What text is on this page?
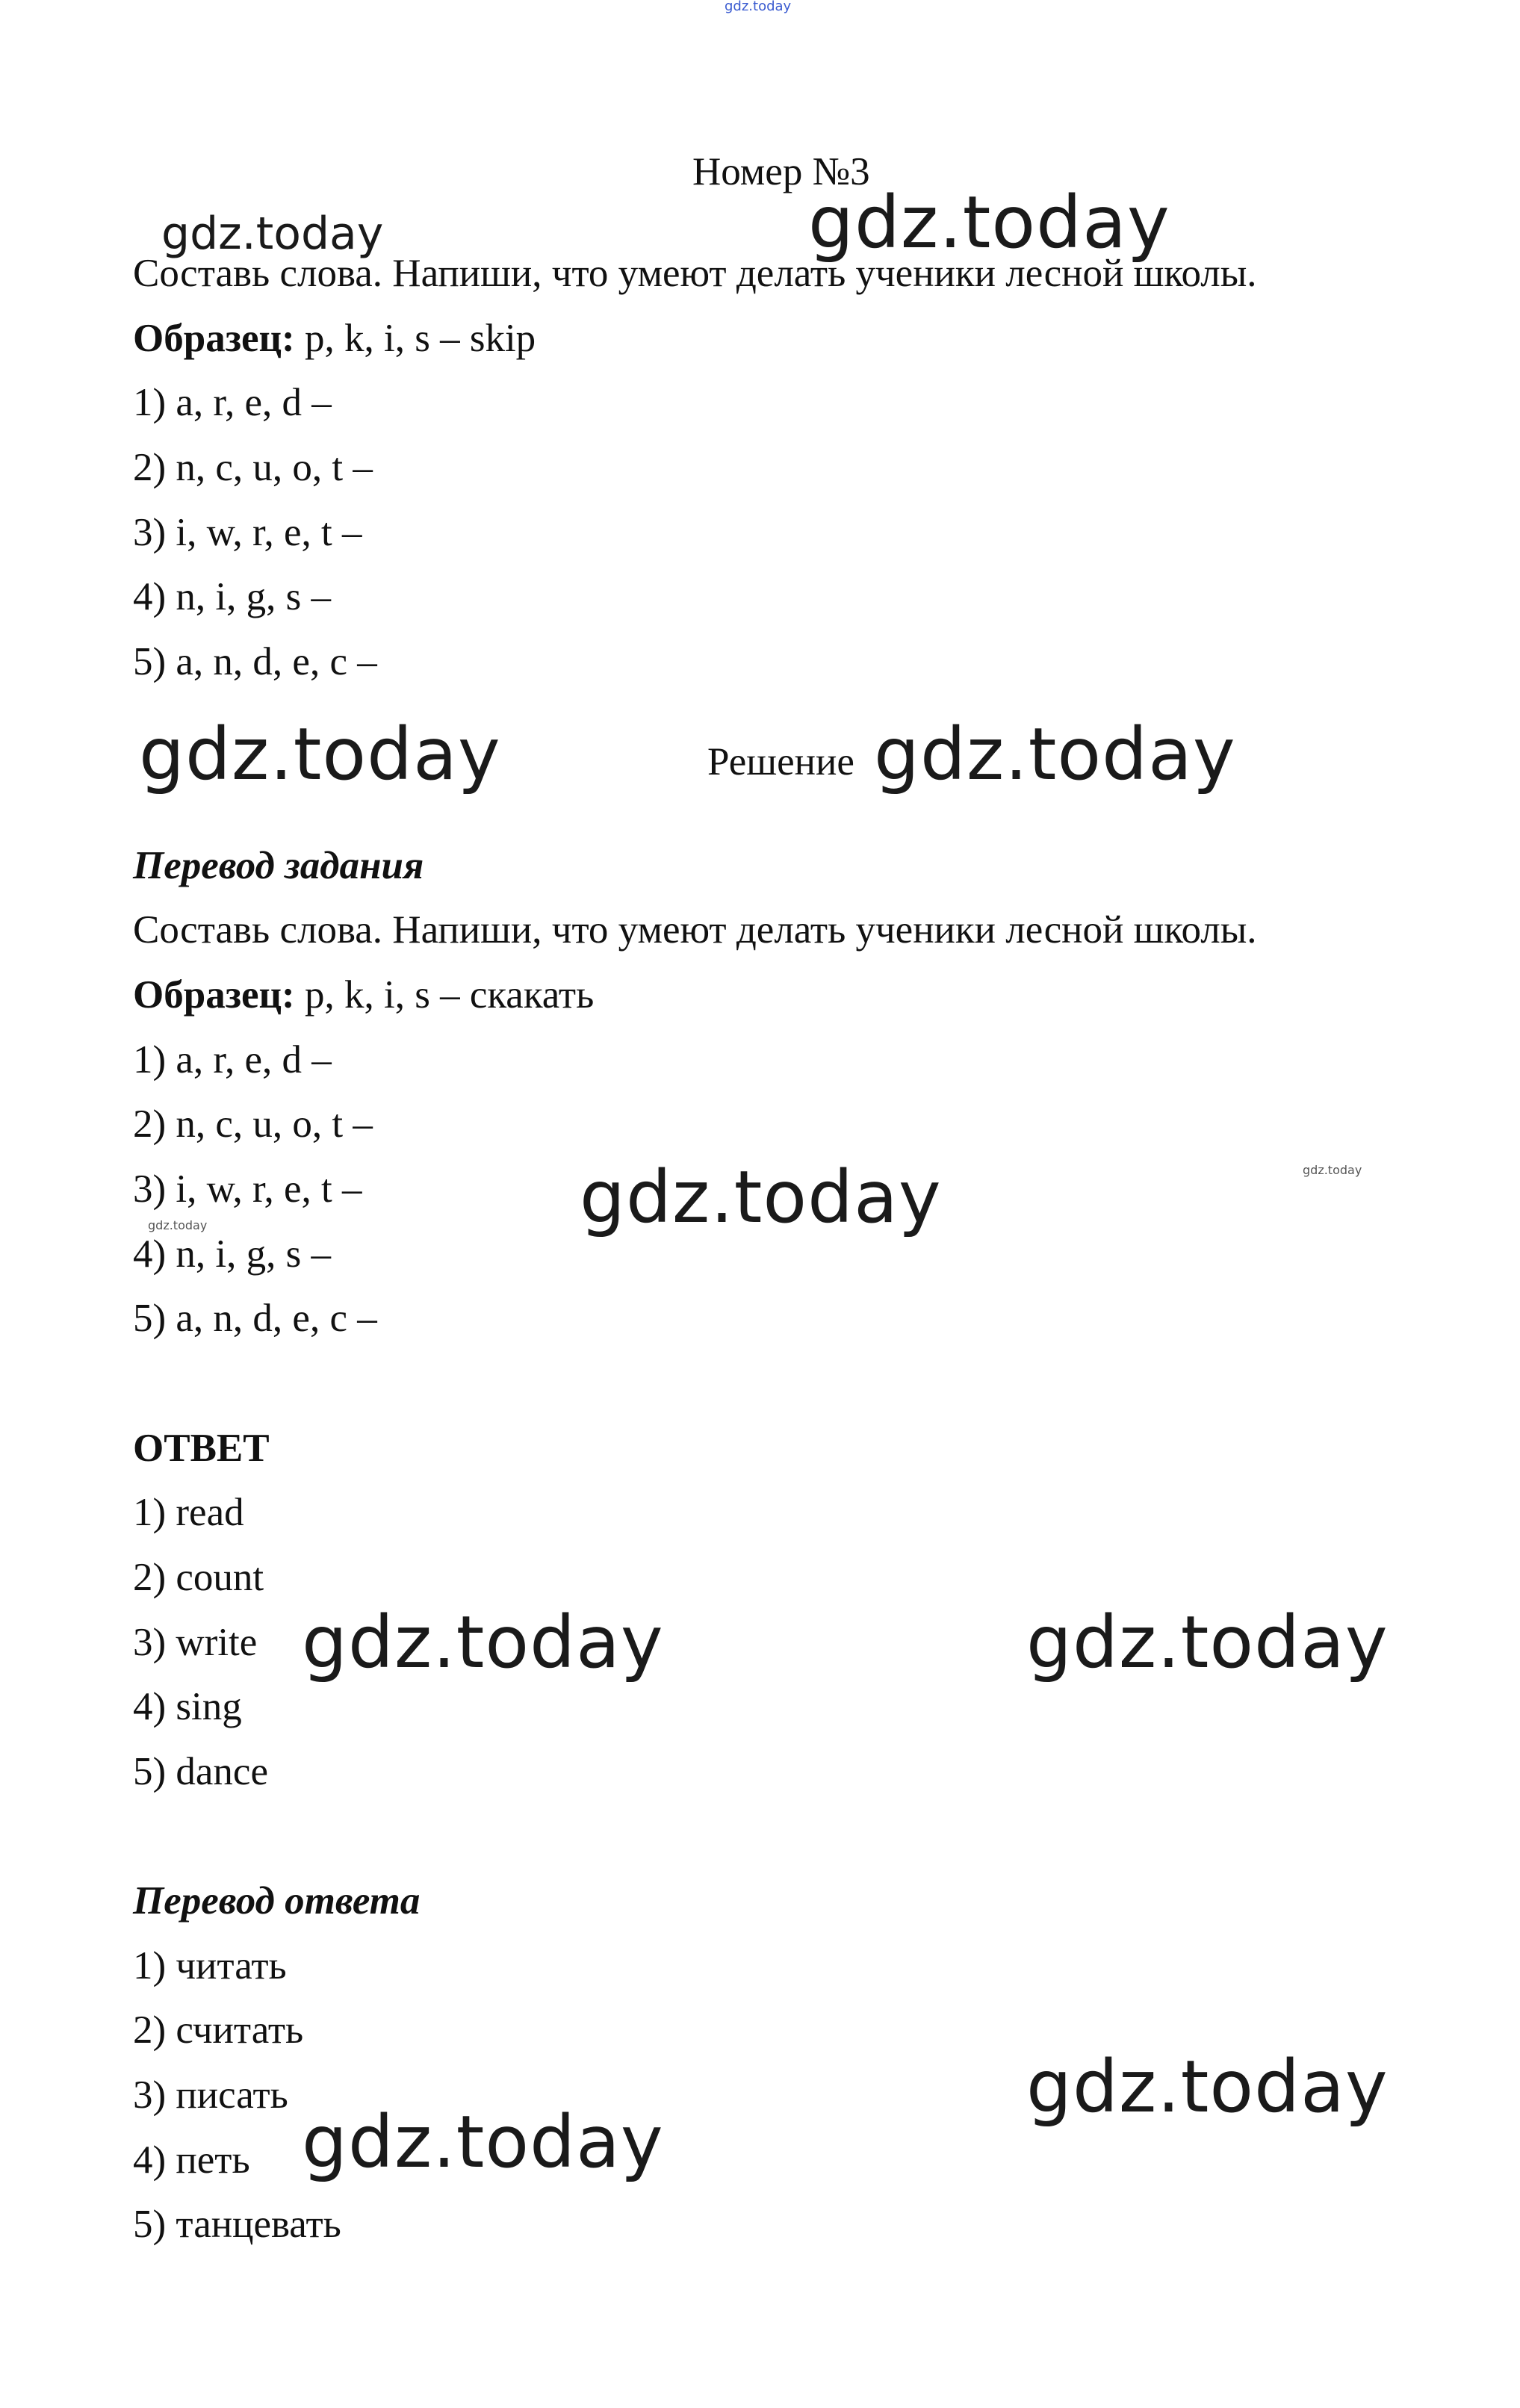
gdz.today
Номер №3
gdz.today	gdz.today
Составь слова. Напиши, что умеют делать ученики лесной школы.
Образец: p, k, i, s – skip
1) a, r, e, d –
2) n, c, u, o, t –
3) i, w, r, e, t –
4) n, i, g, s –
5) a, n, d, e, c –
gdz.today	Решение gdz.today
Перевод задания
Составь слова. Напиши, что умеют делать ученики лесной школы.
Образец: p, k, i, s – скакать
1) a, r, e, d –
2) n, c, u, o, t –
3) i, w, r, e, t –
4) n, i, g, s –
5) a, n, d, e, c –
gdz.today	gdz.today
gdz.today
ОТВЕТ
1) read
2) count
3) write
4) sing
5) dance
gdz.today	gdz.today
Перевод ответа
1) читать
2) считать
3) писать
4) петь
5) танцевать
gdz.today
gdz.today
